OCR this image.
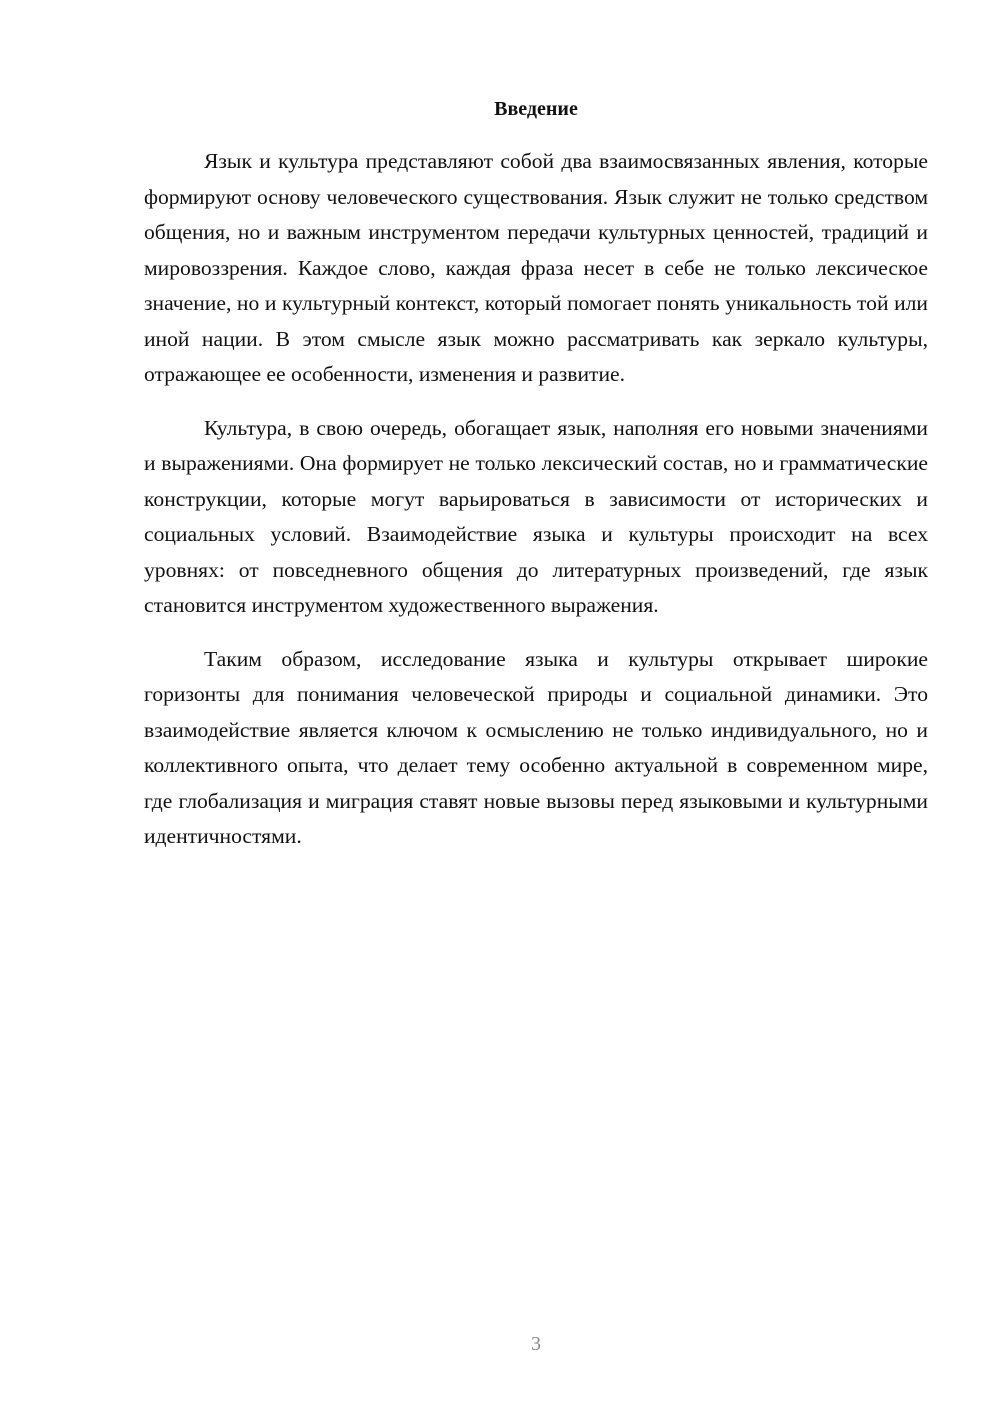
Введение

Язык и культура представляют собой два взаимосвязанных явления, которые формируют основу человеческого существования. Язык служит не только средством общения, но и важным инструментом передачи культурных ценностей, традиций и мировоззрения. Каждое слово, каждая фраза несет в себе не только лексическое значение, но и культурный контекст, который помогает понять уникальность той или иной нации. В этом смысле язык можно рассматривать как зеркало культуры, отражающее ее особенности, изменения и развитие.

Культура, в свою очередь, обогащает язык, наполняя его новыми значениями и выражениями. Она формирует не только лексический состав, но и грамматические конструкции, которые могут варьироваться в зависимости от исторических и социальных условий. Взаимодействие языка и культуры происходит на всех уровнях: от повседневного общения до литературных произведений, где язык становится инструментом художественного выражения.

Таким образом, исследование языка и культуры открывает широкие горизонты для понимания человеческой природы и социальной динамики. Это взаимодействие является ключом к осмыслению не только индивидуального, но и коллективного опыта, что делает тему особенно актуальной в современном мире, где глобализация и миграция ставят новые вызовы перед языковыми и культурными идентичностями.

3
